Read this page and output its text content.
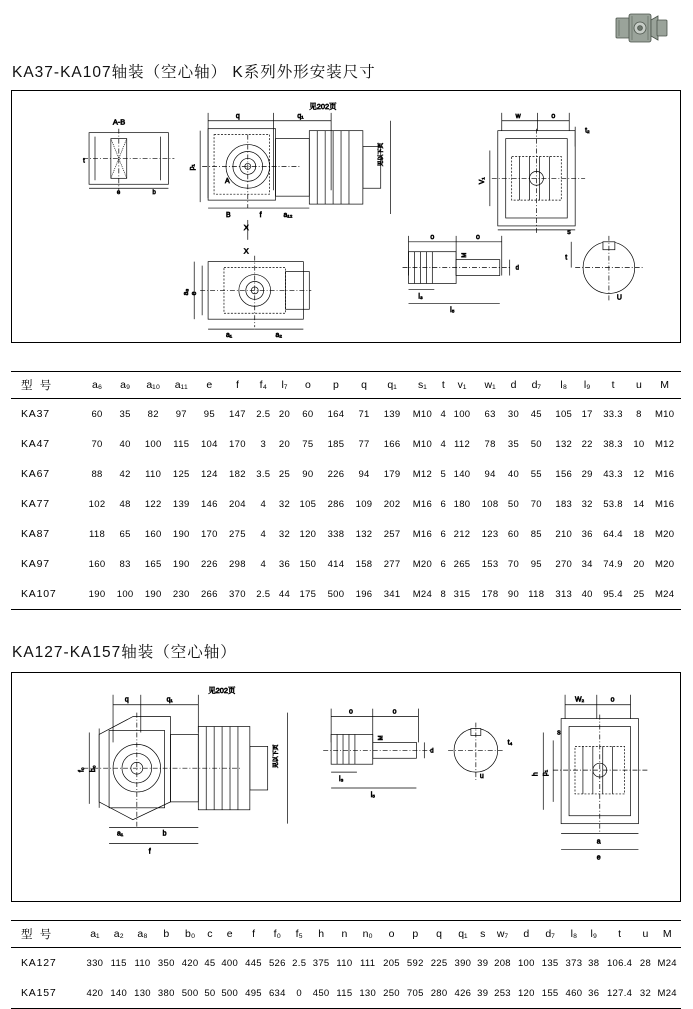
KA37-KA107轴装（空心轴） K系列外形安装尺寸
A-B
t
e	b
q	q₁
见202页
见以下页
p₁
A
B	f	a₁₂
X
X
e
a₃
a₁	a₂
o	o
M
d
l₃
l₅
t
U
w	o
t₂
V₁
s
型 号	a₆	a₉	a₁₀	a₁₁	e	f	f₄	l₇	o	p	q	q₁	s₁	t	v₁	w₁	d	d₇	l₈	l₉	t	u	M
KA37	60	35	82	97	95	147	2.5	20	60	164	71	139	M10	4	100	63	30	45	105	17	33.3	8	M10
KA47	70	40	100	115	104	170	3	20	75	185	77	166	M10	4	112	78	35	50	132	22	38.3	10	M12
KA67	88	42	110	125	124	182	3.5	25	90	226	94	179	M12	5	140	94	40	55	156	29	43.3	12	M16
KA77	102	48	122	139	146	204	4	32	105	286	109	202	M16	6	180	108	50	70	183	32	53.8	14	M16
KA87	118	65	160	190	170	275	4	32	120	338	132	257	M16	6	212	123	60	85	210	36	64.4	18	M20
KA97	160	83	165	190	226	298	4	36	150	414	158	277	M20	6	265	153	70	95	270	34	74.9	20	M20
KA107	190	100	190	230	266	370	2.5	44	175	500	196	341	M24	8	315	178	90	118	313	40	95.4	25	M24
KA127-KA157轴装（空心轴）
q	q₁
见202页
见以下页
f₀ b₀
a₁	b
f
o	o
M
d
l₃
l₅
t₄
u
W₂	o
s
p₁
h
a
e
型 号	a₁	a₂	a₈	b	b₀	c	e	f	f₀	f₅	h	n	n₀	o	p	q	q₁	s	w₇	d	d₇	l₈	l₉	t	u	M
KA127	330	115	110	350	420	45	400	445	526	2.5	375	110	111	205	592	225	390	39	208	100	135	373	38	106.4	28	M24
KA157	420	140	130	380	500	50	500	495	634	0	450	115	130	250	705	280	426	39	253	120	155	460	36	127.4	32	M24
